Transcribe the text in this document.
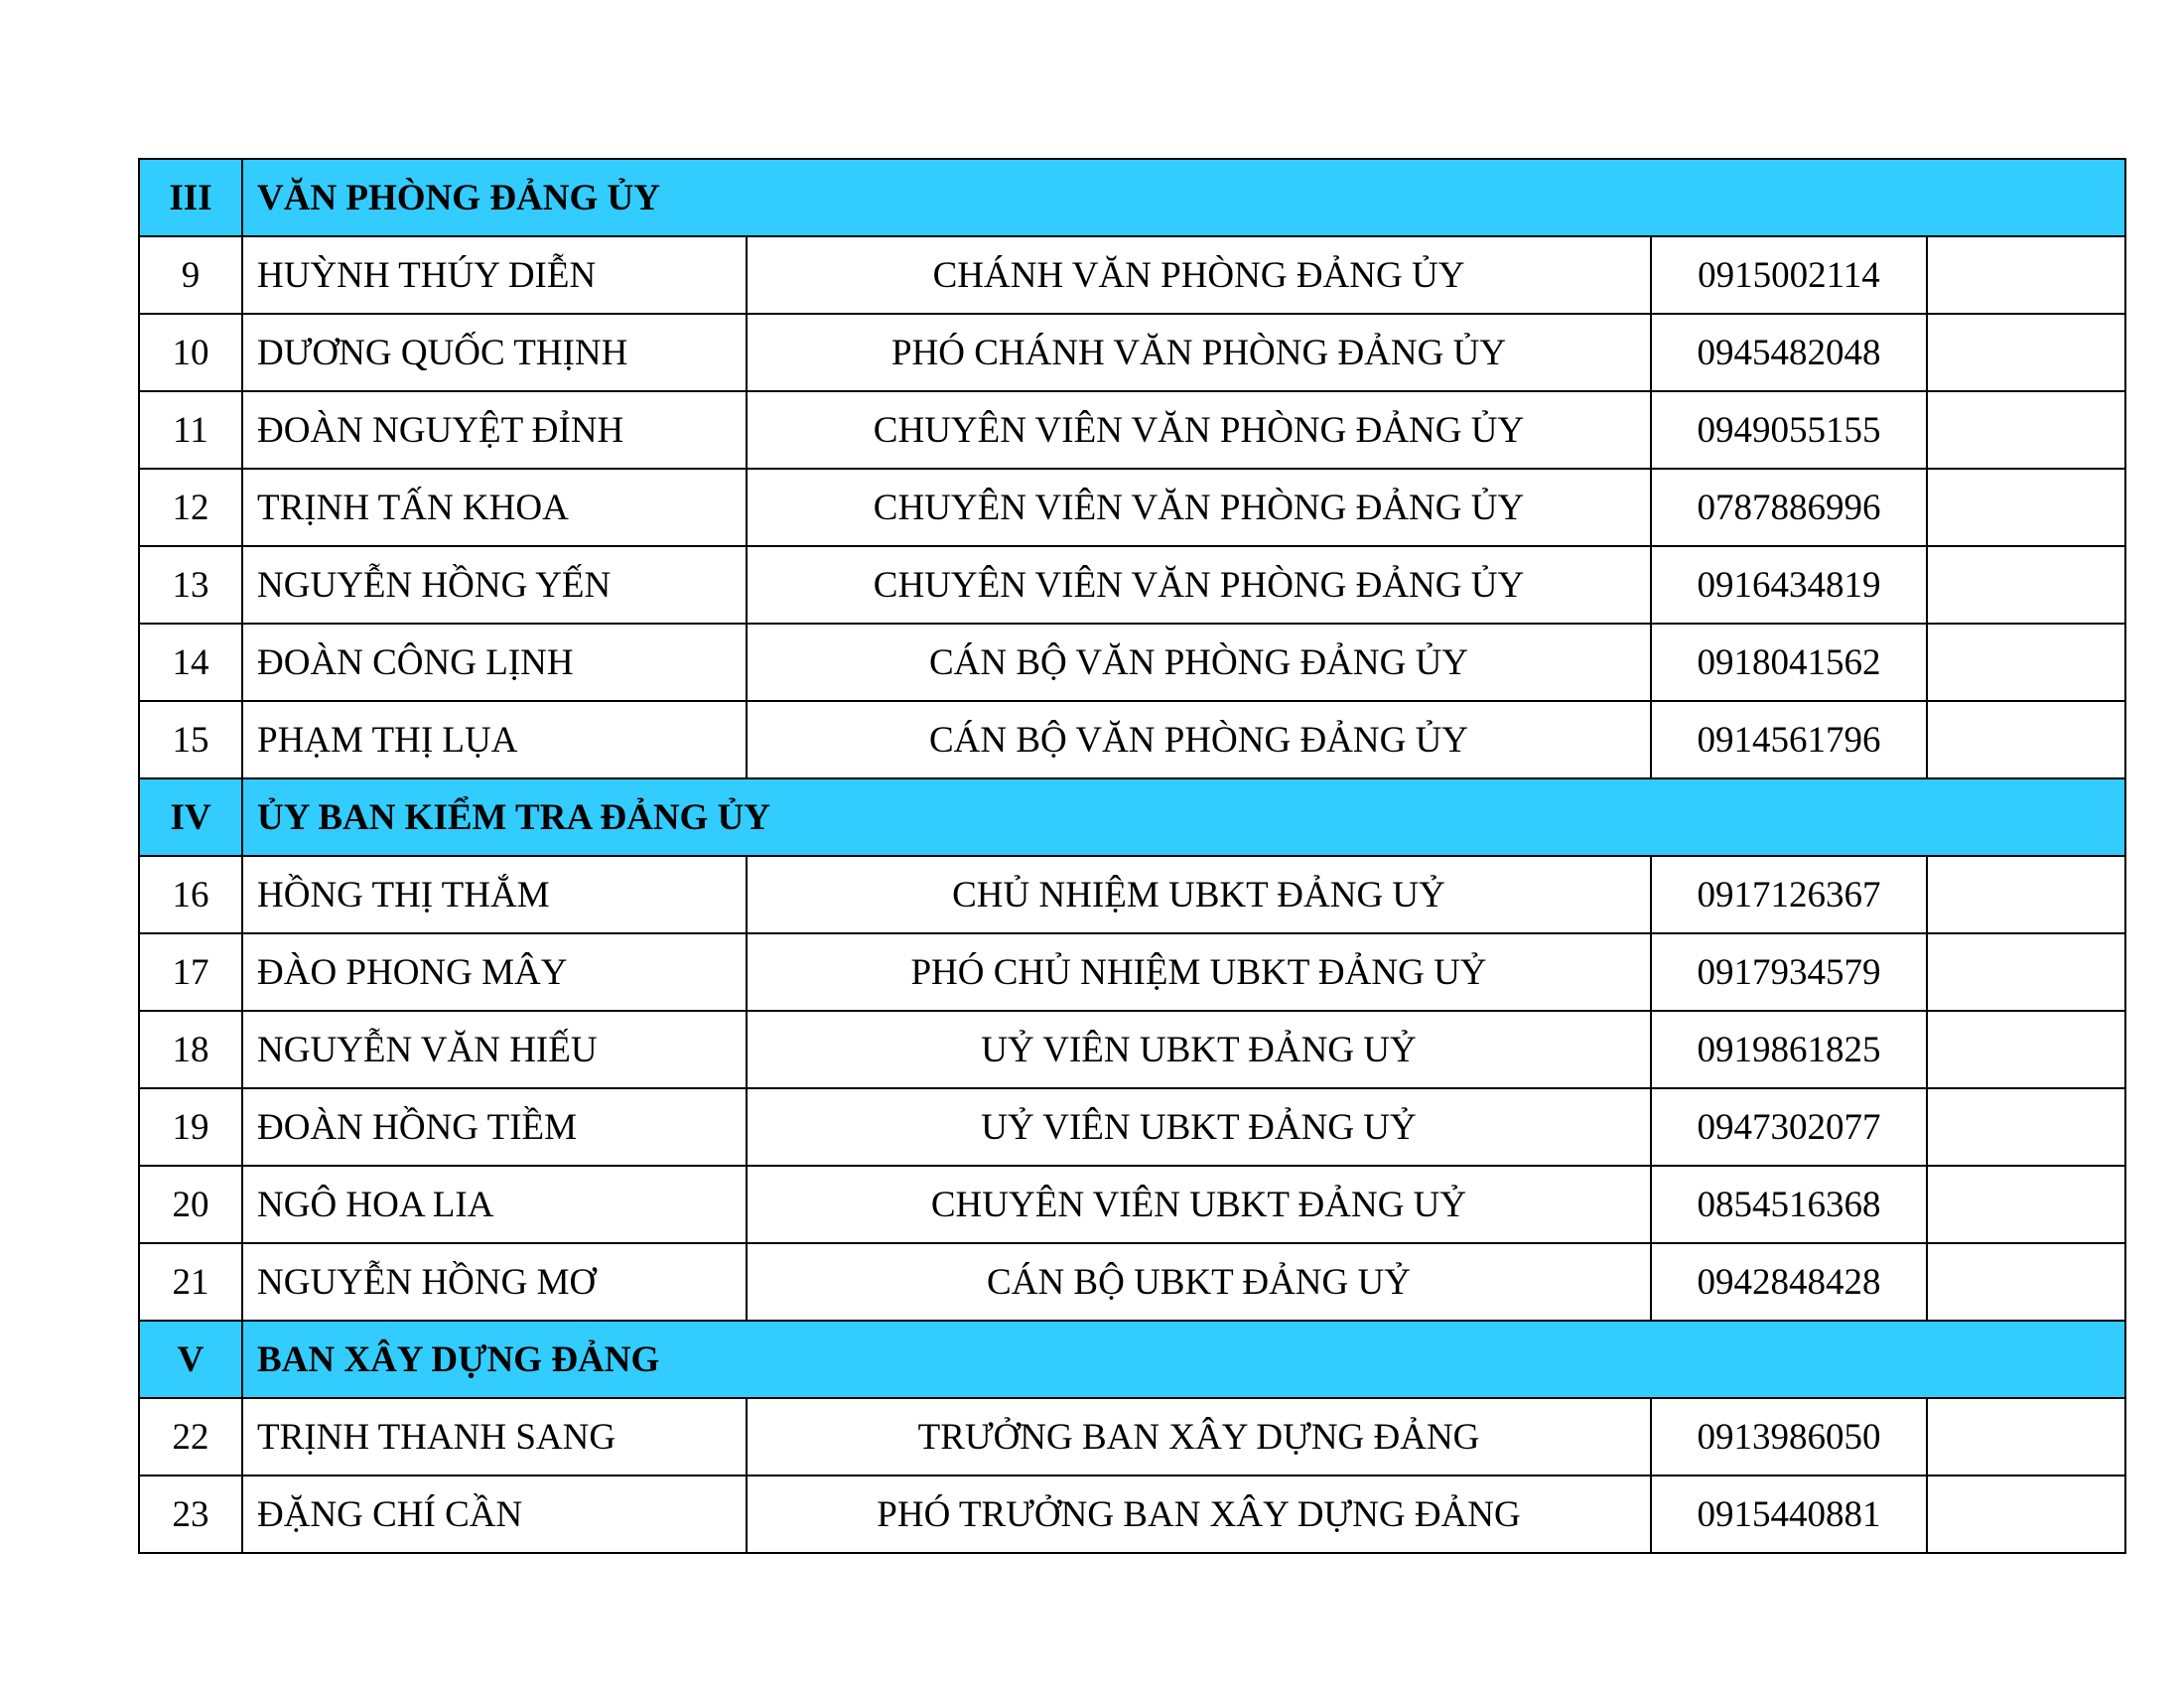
III	VĂN PHÒNG ĐẢNG ỦY			
9	HUỲNH THÚY DIỄN	CHÁNH VĂN PHÒNG ĐẢNG ỦY	0915002114	
10	DƯƠNG QUỐC THỊNH	PHÓ CHÁNH VĂN PHÒNG ĐẢNG ỦY	0945482048	
11	ĐOÀN NGUYỆT ĐỈNH	CHUYÊN VIÊN VĂN PHÒNG ĐẢNG ỦY	0949055155	
12	TRỊNH TẤN KHOA	CHUYÊN VIÊN VĂN PHÒNG ĐẢNG ỦY	0787886996	
13	NGUYỄN HỒNG YẾN	CHUYÊN VIÊN VĂN PHÒNG ĐẢNG ỦY	0916434819	
14	ĐOÀN CÔNG LỊNH	CÁN BỘ VĂN PHÒNG ĐẢNG ỦY	0918041562	
15	PHẠM THỊ LỤA	CÁN BỘ VĂN PHÒNG ĐẢNG ỦY	0914561796	
IV	ỦY BAN KIỂM TRA ĐẢNG ỦY			
16	HỒNG THỊ THẮM	CHỦ NHIỆM UBKT ĐẢNG UỶ	0917126367	
17	ĐÀO PHONG MÂY	PHÓ CHỦ NHIỆM UBKT ĐẢNG UỶ	0917934579	
18	NGUYỄN VĂN HIẾU	UỶ VIÊN UBKT ĐẢNG UỶ	0919861825	
19	ĐOÀN HỒNG TIỀM	UỶ VIÊN UBKT ĐẢNG UỶ	0947302077	
20	NGÔ HOA LIA	CHUYÊN VIÊN UBKT ĐẢNG UỶ	0854516368	
21	NGUYỄN HỒNG MƠ	CÁN BỘ UBKT ĐẢNG UỶ	0942848428	
V	BAN XÂY DỰNG ĐẢNG			
22	TRỊNH THANH SANG	TRƯỞNG BAN XÂY DỰNG ĐẢNG	0913986050	
23	ĐẶNG CHÍ CẦN	PHÓ TRƯỞNG BAN XÂY DỰNG ĐẢNG	0915440881	
